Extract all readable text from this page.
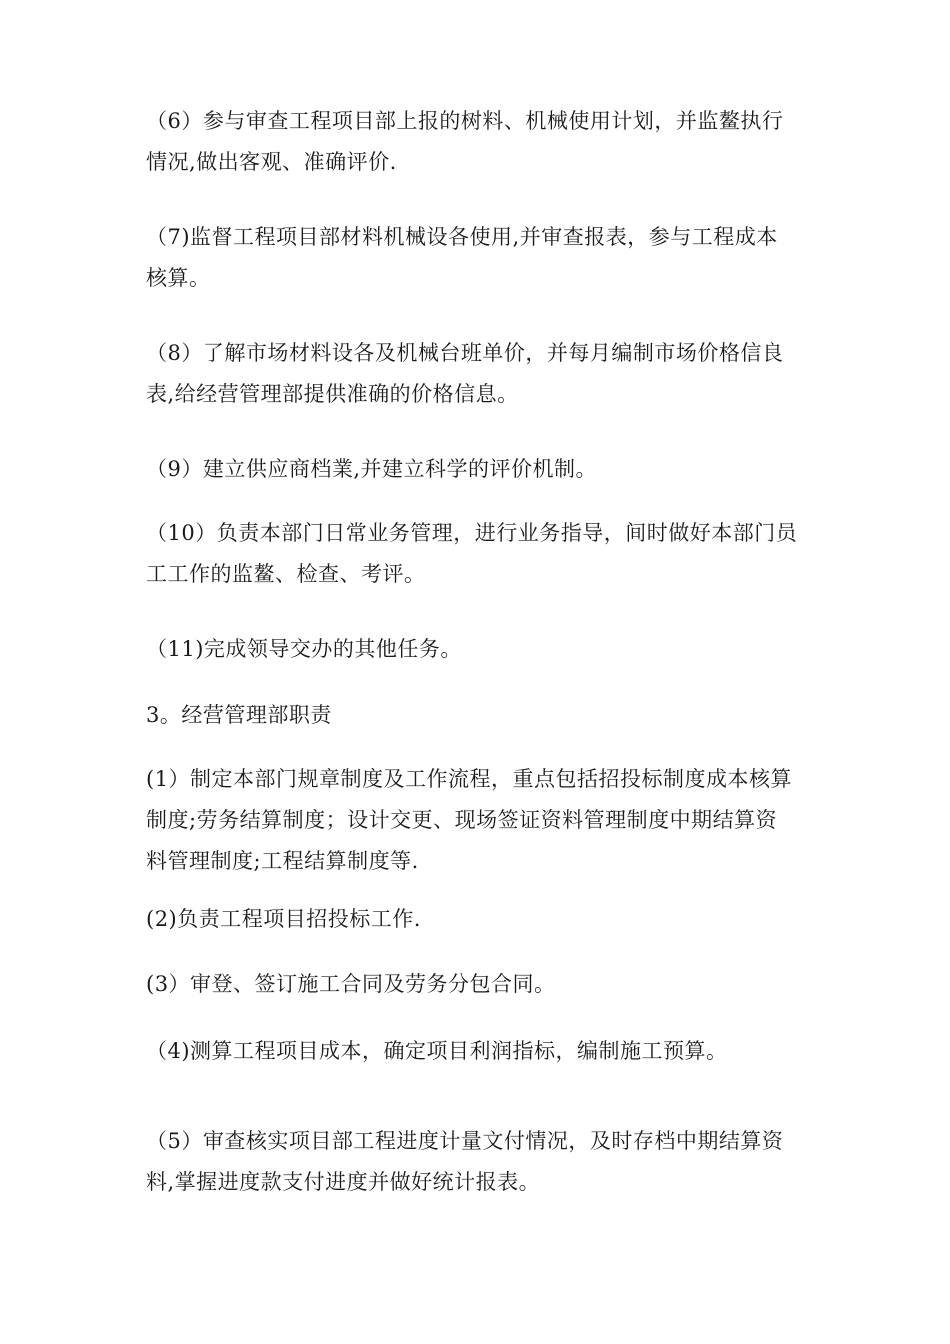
（6）参与审查工程项目部上报的树料、机械使用计划，并监鳌执行
情况,做出客观、准确评价.
（7)监督工程项目部材料机械设各使用,并审查报表，参与工程成本
核算。
（8）了解市场材料设各及机械台班单价，并每月编制市场价格信良
表,给经营管理部提供准确的价格信息。
（9）建立供应商档業,并建立科学的评价机制。
（10）负责本部门日常业务管理，进行业务指导，间时做好本部门员
工工作的监鳌、检查、考评。
（11)完成领导交办的其他任务。
3。经营管理部职责
(1）制定本部门规章制度及工作流程，重点包括招投标制度成本核算
制度;劳务结算制度；设计交更、现场签证资料管理制度中期结算资
料管理制度;工程结算制度等.
(2)负责工程项目招投标工作.
(3）审登、签订施工合同及劳务分包合同。
（4)测算工程项目成本，确定项目利润指标，编制施工预算。
（5）审查核实项目部工程进度计量文付情况，及时存档中期结算资
料,掌握进度款支付进度并做好统计报表。
